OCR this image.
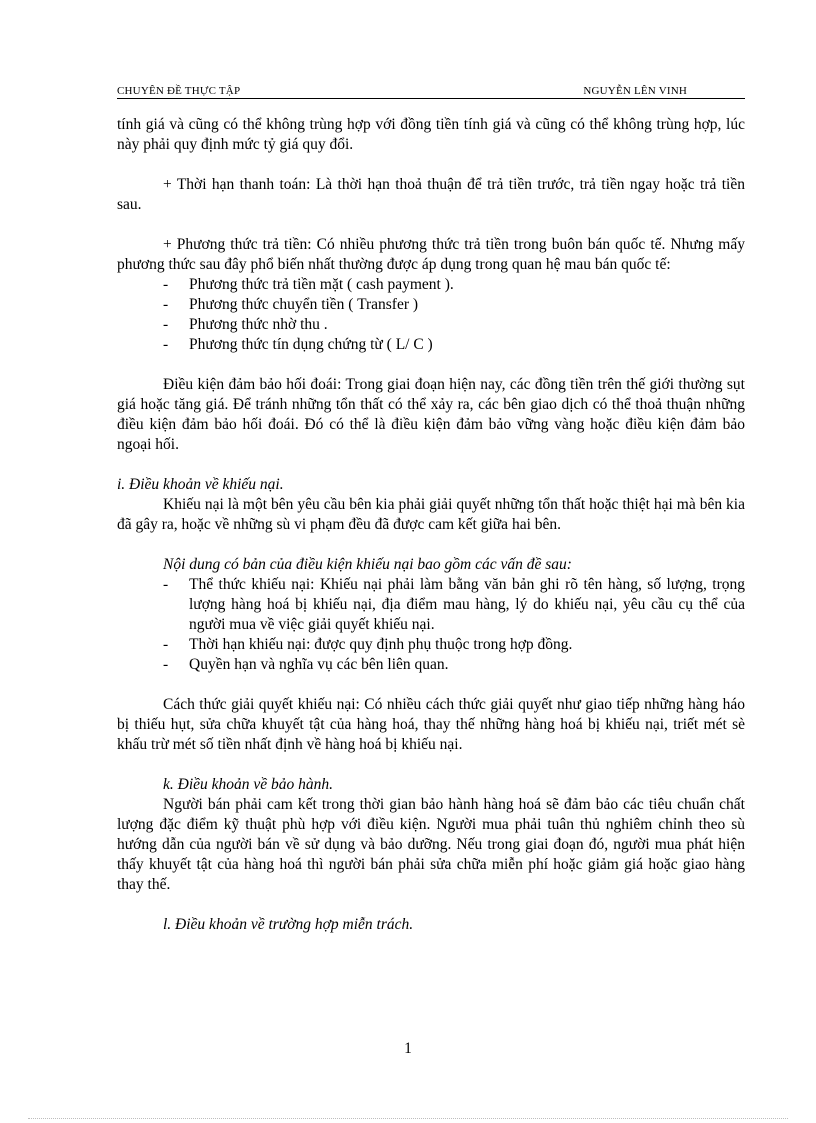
CHUYÊN ĐỀ THỰC TẬP	NGUYỄN LÊN VINH

tính giá và cũng có thể không trùng hợp với đồng tiền tính giá và cũng có thể không trùng hợp, lúc này phải quy định mức tỷ giá quy đổi.

+ Thời hạn thanh toán: Là thời hạn thoả thuận để trả tiền trước, trả tiền ngay hoặc trả tiền sau.

+ Phương thức trả tiền: Có nhiều phương thức trả tiền trong buôn bán quốc tế. Nhưng mấy phương thức sau đây phổ biến nhất thường được áp dụng trong quan hệ mau bán quốc tế:

- Phương thức trả tiền mặt ( cash payment ).
- Phương thức chuyển tiền ( Transfer )
- Phương thức nhờ thu .
- Phương thức tín dụng chứng từ ( L/ C )

Điều kiện đảm bảo hối đoái: Trong giai đoạn hiện nay, các đồng tiền trên thế giới thường sụt giá hoặc tăng giá. Để tránh những tổn thất có thể xảy ra, các bên giao dịch có thể thoả thuận những điều kiện đảm bảo hối đoái. Đó có thể là điều kiện đảm bảo vững vàng hoặc điều kiện đảm bảo ngoại hối.

i. Điều khoản về khiếu nại.

Khiếu nại là một bên yêu cầu bên kia phải giải quyết những tổn thất hoặc thiệt hại mà bên kia đã gây ra, hoặc về những sù vi phạm đều đã được cam kết giữa hai bên.

Nội dung có bản của điều kiện khiếu nại bao gồm các vấn đề sau:
- Thể thức khiếu nại: Khiếu nại phải làm bằng văn bản ghi rõ tên hàng, số lượng, trọng lượng hàng hoá bị khiếu nại, địa điểm mau hàng, lý do khiếu nại, yêu cầu cụ thể của người mua về việc giải quyết khiếu nại.
- Thời hạn khiếu nại: được quy định phụ thuộc trong hợp đồng.
- Quyền hạn và nghĩa vụ các bên liên quan.

Cách thức giải quyết khiếu nại: Có nhiều cách thức giải quyết như giao tiếp những hàng háo bị thiếu hụt, sửa chữa khuyết tật của hàng hoá, thay thế những hàng hoá bị khiếu nại, triết mét sè khấu trừ mét số tiền nhất định về hàng hoá bị khiếu nại.

k. Điều khoản về bảo hành.

Người bán phải cam kết trong thời gian bảo hành hàng hoá sẽ đảm bảo các tiêu chuẩn chất lượng đặc điểm kỹ thuật phù hợp với điều kiện. Người mua phải tuân thủ nghiêm chỉnh theo sù hướng dẫn của người bán về sử dụng và bảo dưỡng. Nếu trong giai đoạn đó, người mua phát hiện thấy khuyết tật của hàng hoá thì người bán phải sửa chữa miễn phí hoặc giảm giá hoặc giao hàng thay thế.

l. Điều khoản về trường hợp miễn trách.
1
